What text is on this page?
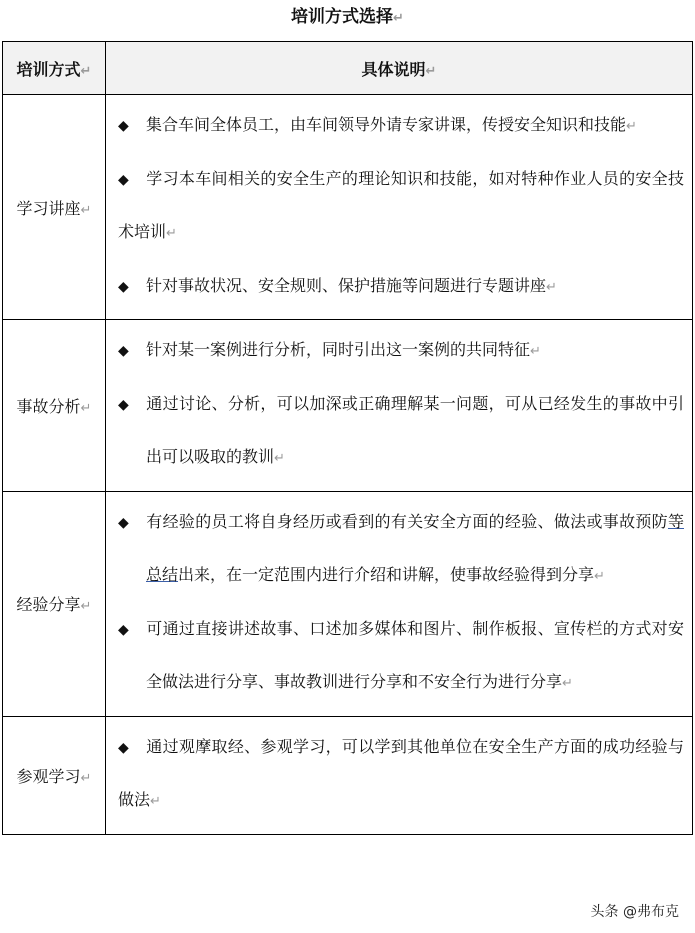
培训方式选择↵
培训方式↵	具体说明↵
学习讲座↵	◆ 集合车间全体员工，由车间领导外请专家讲课，传授安全知识和技能↵

◆ 学习本车间相关的安全生产的理论知识和技能，如对特种作业人员的安全技术培训↵

◆ 针对事故状况、安全规则、保护措施等问题进行专题讲座↵

事故分析↵	◆ 针对某一案例进行分析，同时引出这一案例的共同特征↵

◆ 通过讨论、分析，可以加深或正确理解某一问题，可从已经发生的事故中引出可以吸取的教训↵

经验分享↵	◆ 有经验的员工将自身经历或看到的有关安全方面的经验、做法或事故预防等总结出来，在一定范围内进行介绍和讲解，使事故经验得到分享↵

◆ 可通过直接讲述故事、口述加多媒体和图片、制作板报、宣传栏的方式对安全做法进行分享、事故教训进行分享和不安全行为进行分享↵

参观学习↵	◆ 通过观摩取经、参观学习，可以学到其他单位在安全生产方面的成功经验与做法↵

头条 @弗布克
